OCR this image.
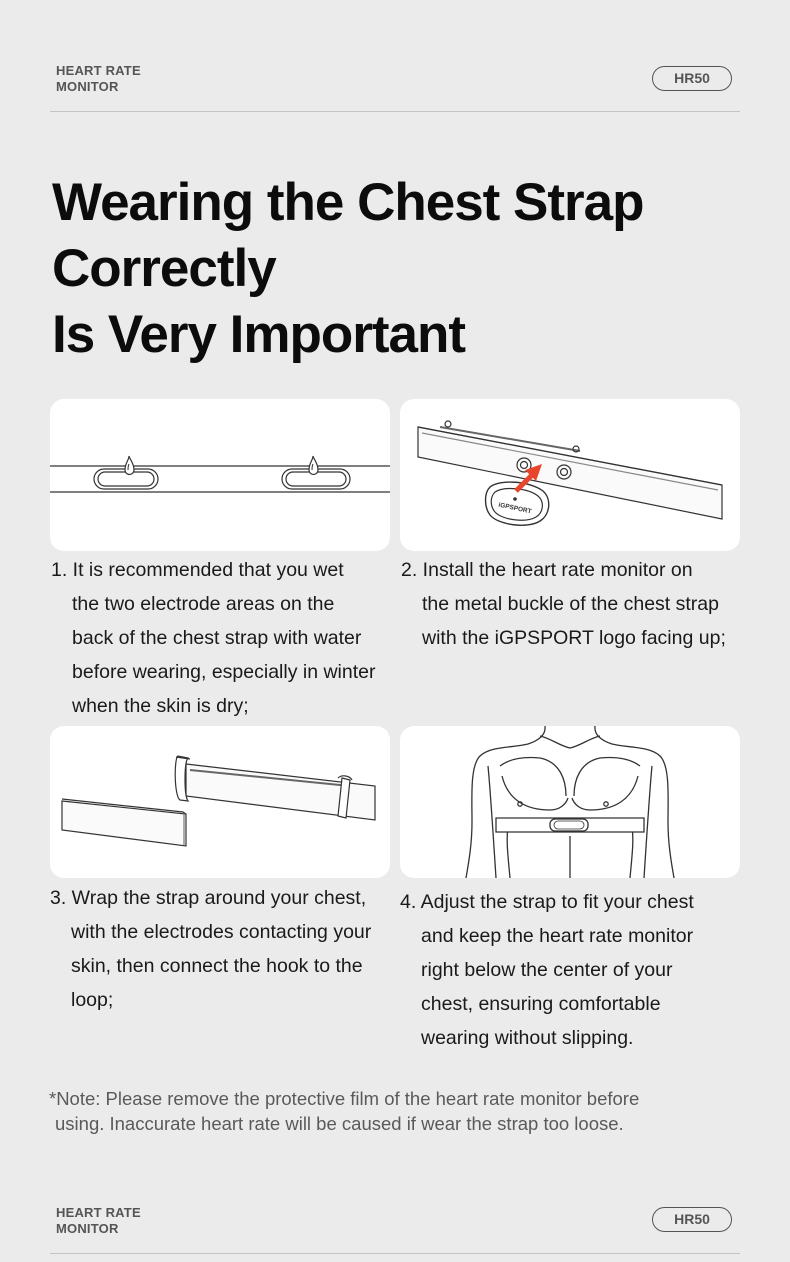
HEART RATE
MONITOR
HR50
Wearing the Chest Strap
Correctly
Is Very Important
iGPSPORT
1. It is recommended that you wet
the two electrode areas on the
back of the chest strap with water
before wearing, especially in winter
when the skin is dry;
2. Install the heart rate monitor on
the metal buckle of the chest strap
with the iGPSPORT logo facing up;
3. Wrap the strap around your chest,
with the electrodes contacting your
skin, then connect the hook to the
loop;
4. Adjust the strap to fit your chest
and keep the heart rate monitor
right below the center of your
chest, ensuring comfortable
wearing without slipping.
*Note: Please remove the protective film of the heart rate monitor before
using. Inaccurate heart rate will be caused if wear the strap too loose.
HEART RATE
MONITOR
HR50
